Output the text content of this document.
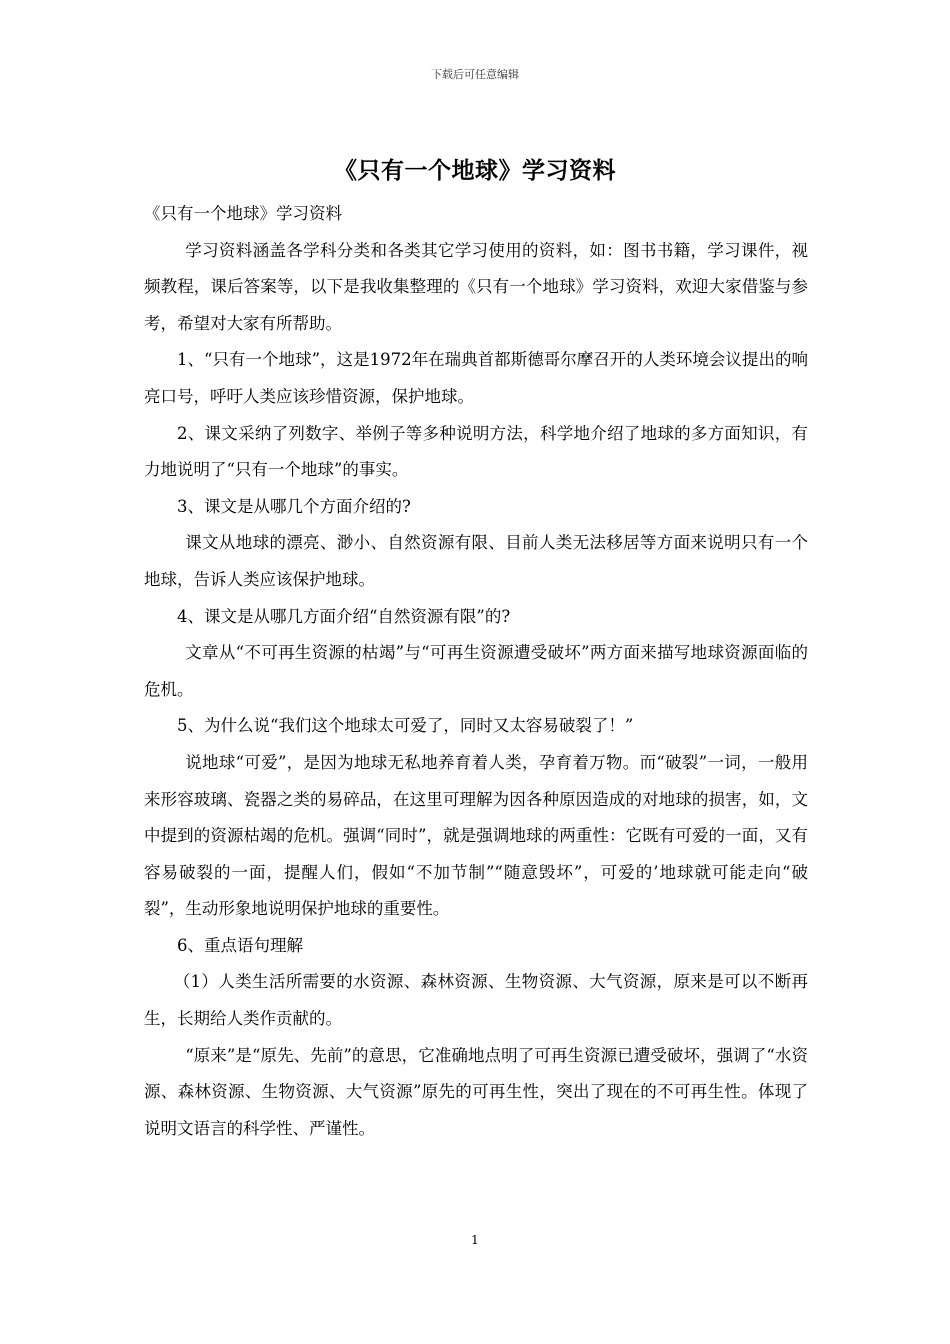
下载后可任意编辑
《只有一个地球》学习资料

《只有一个地球》学习资料

学习资料涵盖各学科分类和各类其它学习使用的资料，如：图书书籍，学习课件，视频教程，课后答案等，以下是我收集整理的《只有一个地球》学习资料，欢迎大家借鉴与参考，希望对大家有所帮助。

1、“只有一个地球”，这是1972年在瑞典首都斯德哥尔摩召开的人类环境会议提出的响亮口号，呼吁人类应该珍惜资源，保护地球。

2、课文采纳了列数字、举例子等多种说明方法，科学地介绍了地球的多方面知识，有力地说明了“只有一个地球”的事实。

3、课文是从哪几个方面介绍的?

课文从地球的漂亮、渺小、自然资源有限、目前人类无法移居等方面来说明只有一个地球，告诉人类应该保护地球。

4、课文是从哪几方面介绍“自然资源有限”的?

文章从“不可再生资源的枯竭”与“可再生资源遭受破坏”两方面来描写地球资源面临的危机。

5、为什么说“我们这个地球太可爱了，同时又太容易破裂了！”

说地球“可爱”，是因为地球无私地养育着人类，孕育着万物。而“破裂”一词，一般用来形容玻璃、瓷器之类的易碎品，在这里可理解为因各种原因造成的对地球的损害，如，文中提到的资源枯竭的危机。强调“同时”，就是强调地球的两重性：它既有可爱的一面，又有容易破裂的一面，提醒人们，假如“不加节制”“随意毁坏”，可爱的’地球就可能走向“破裂”，生动形象地说明保护地球的重要性。

6、重点语句理解

（1）人类生活所需要的水资源、森林资源、生物资源、大气资源，原来是可以不断再生，长期给人类作贡献的。

“原来”是“原先、先前”的意思，它准确地点明了可再生资源已遭受破坏，强调了“水资源、森林资源、生物资源、大气资源”原先的可再生性，突出了现在的不可再生性。体现了说明文语言的科学性、严谨性。

1
